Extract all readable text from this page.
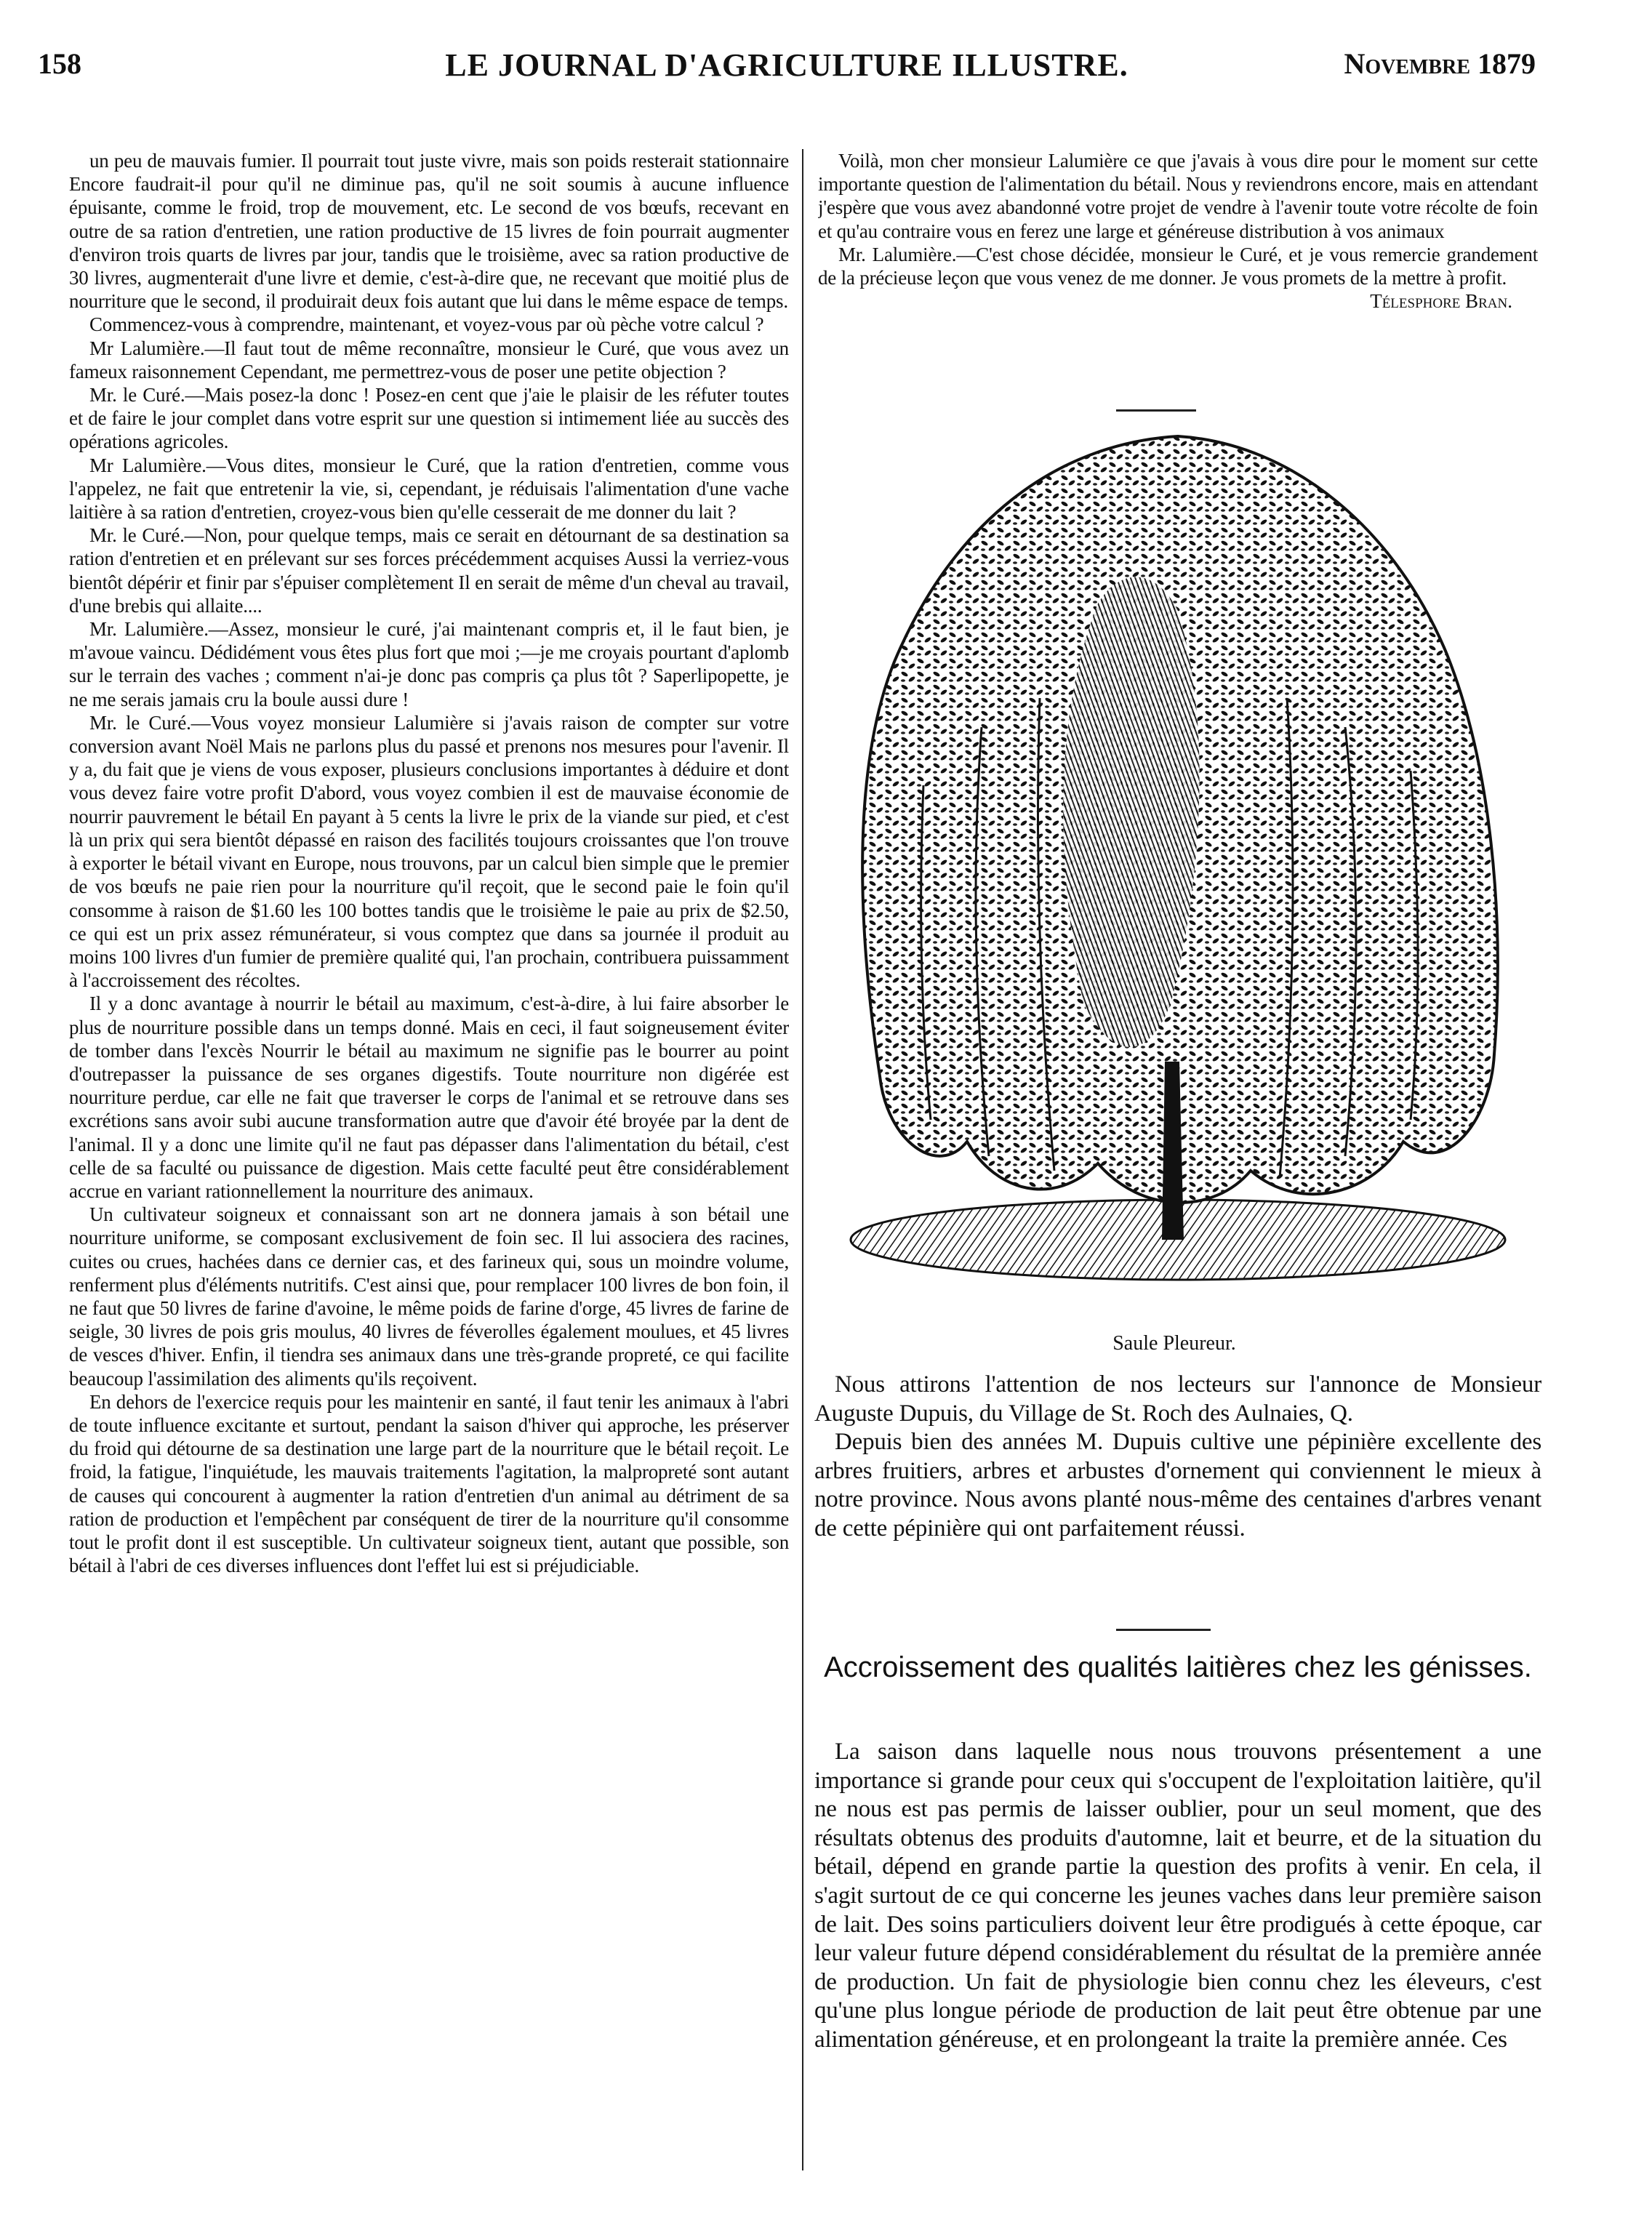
158	LE JOURNAL D'AGRICULTURE ILLUSTRE.	Novembre 1879

un peu de mauvais fumier. Il pourrait tout juste vivre, mais son poids resterait stationnaire Encore faudrait-il pour qu'il ne diminue pas, qu'il ne soit soumis à aucune influence épuisante, comme le froid, trop de mouvement, etc. Le second de vos bœufs, recevant en outre de sa ration d'entretien, une ration productive de 15 livres de foin pourrait augmenter d'environ trois quarts de livres par jour, tandis que le troisième, avec sa ration productive de 30 livres, augmenterait d'une livre et demie, c'est-à-dire que, ne recevant que moitié plus de nourriture que le second, il produirait deux fois autant que lui dans le même espace de temps.

Commencez-vous à comprendre, maintenant, et voyez-vous par où pèche votre calcul ?

Mr Lalumière.—Il faut tout de même reconnaître, monsieur le Curé, que vous avez un fameux raisonnement Cependant, me permettrez-vous de poser une petite objection ?

Mr. le Curé.—Mais posez-la donc ! Posez-en cent que j'aie le plaisir de les réfuter toutes et de faire le jour complet dans votre esprit sur une question si intimement liée au succès des opérations agricoles.

Mr Lalumière.—Vous dites, monsieur le Curé, que la ration d'entretien, comme vous l'appelez, ne fait que entretenir la vie, si, cependant, je réduisais l'alimentation d'une vache laitière à sa ration d'entretien, croyez-vous bien qu'elle cesserait de me donner du lait ?

Mr. le Curé.—Non, pour quelque temps, mais ce serait en détournant de sa destination sa ration d'entretien et en prélevant sur ses forces précédemment acquises Aussi la verriez-vous bientôt dépérir et finir par s'épuiser complètement Il en serait de même d'un cheval au travail, d'une brebis qui allaite....

Mr. Lalumière.—Assez, monsieur le curé, j'ai maintenant compris et, il le faut bien, je m'avoue vaincu. Dédidément vous êtes plus fort que moi ;—je me croyais pourtant d'aplomb sur le terrain des vaches ; comment n'ai-je donc pas compris ça plus tôt ? Saperlipopette, je ne me serais jamais cru la boule aussi dure !

Mr. le Curé.—Vous voyez monsieur Lalumière si j'avais raison de compter sur votre conversion avant Noël Mais ne parlons plus du passé et prenons nos mesures pour l'avenir. Il y a, du fait que je viens de vous exposer, plusieurs conclusions importantes à déduire et dont vous devez faire votre profit D'abord, vous voyez combien il est de mauvaise économie de nourrir pauvrement le bétail En payant à 5 cents la livre le prix de la viande sur pied, et c'est là un prix qui sera bientôt dépassé en raison des facilités toujours croissantes que l'on trouve à exporter le bétail vivant en Europe, nous trouvons, par un calcul bien simple que le premier de vos bœufs ne paie rien pour la nourriture qu'il reçoit, que le second paie le foin qu'il consomme à raison de $1.60 les 100 bottes tandis que le troisième le paie au prix de $2.50, ce qui est un prix assez rémunérateur, si vous comptez que dans sa journée il produit au moins 100 livres d'un fumier de première qualité qui, l'an prochain, contribuera puissamment à l'accroissement des récoltes.

Il y a donc avantage à nourrir le bétail au maximum, c'est-à-dire, à lui faire absorber le plus de nourriture possible dans un temps donné. Mais en ceci, il faut soigneusement éviter de tomber dans l'excès Nourrir le bétail au maximum ne signifie pas le bourrer au point d'outrepasser la puissance de ses organes digestifs. Toute nourriture non digérée est nourriture perdue, car elle ne fait que traverser le corps de l'animal et se retrouve dans ses excrétions sans avoir subi aucune transformation autre que d'avoir été broyée par la dent de l'animal. Il y a donc une limite qu'il ne faut pas dépasser dans l'alimentation du bétail, c'est celle de sa faculté ou puissance de digestion. Mais cette faculté peut être considérablement accrue en variant rationnellement la nourriture des animaux.

Un cultivateur soigneux et connaissant son art ne donnera jamais à son bétail une nourriture uniforme, se composant exclusivement de foin sec. Il lui associera des racines, cuites ou crues, hachées dans ce dernier cas, et des farineux qui, sous un moindre volume, renferment plus d'éléments nutritifs. C'est ainsi que, pour remplacer 100 livres de bon foin, il ne faut que 50 livres de farine d'avoine, le même poids de farine d'orge, 45 livres de farine de seigle, 30 livres de pois gris moulus, 40 livres de féverolles également moulues, et 45 livres de vesces d'hiver. Enfin, il tiendra ses animaux dans une très-grande propreté, ce qui facilite beaucoup l'assimilation des aliments qu'ils reçoivent.

En dehors de l'exercice requis pour les maintenir en santé, il faut tenir les animaux à l'abri de toute influence excitante et surtout, pendant la saison d'hiver qui approche, les préserver du froid qui détourne de sa destination une large part de la nourriture que le bétail reçoit. Le froid, la fatigue, l'inquiétude, les mauvais traitements l'agitation, la malpropreté sont autant de causes qui concourent à augmenter la ration d'entretien d'un animal au détriment de sa ration de production et l'empêchent par conséquent de tirer de la nourriture qu'il consomme tout le profit dont il est susceptible. Un cultivateur soigneux tient, autant que possible, son bétail à l'abri de ces diverses influences dont l'effet lui est si préjudiciable.

Voilà, mon cher monsieur Lalumière ce que j'avais à vous dire pour le moment sur cette importante question de l'alimentation du bétail. Nous y reviendrons encore, mais en attendant j'espère que vous avez abandonné votre projet de vendre à l'avenir toute votre récolte de foin et qu'au contraire vous en ferez une large et généreuse distribution à vos animaux

Mr. Lalumière.—C'est chose décidée, monsieur le Curé, et je vous remercie grandement de la précieuse leçon que vous venez de me donner. Je vous promets de la mettre à profit.

Télesphore Bran.

Saule Pleureur.

Nous attirons l'attention de nos lecteurs sur l'annonce de Monsieur Auguste Dupuis, du Village de St. Roch des Aulnaies, Q.

Depuis bien des années M. Dupuis cultive une pépinière excellente des arbres fruitiers, arbres et arbustes d'ornement qui conviennent le mieux à notre province. Nous avons planté nous-même des centaines d'arbres venant de cette pépinière qui ont parfaitement réussi.

Accroissement des qualités laitières chez les génisses.

La saison dans laquelle nous nous trouvons présentement a une importance si grande pour ceux qui s'occupent de l'exploitation laitière, qu'il ne nous est pas permis de laisser oublier, pour un seul moment, que des résultats obtenus des produits d'automne, lait et beurre, et de la situation du bétail, dépend en grande partie la question des profits à venir. En cela, il s'agit surtout de ce qui concerne les jeunes vaches dans leur première saison de lait. Des soins particuliers doivent leur être prodigués à cette époque, car leur valeur future dépend considérablement du résultat de la première année de production. Un fait de physiologie bien connu chez les éleveurs, c'est qu'une plus longue période de production de lait peut être obtenue par une alimentation généreuse, et en prolongeant la traite la première année. Ces
